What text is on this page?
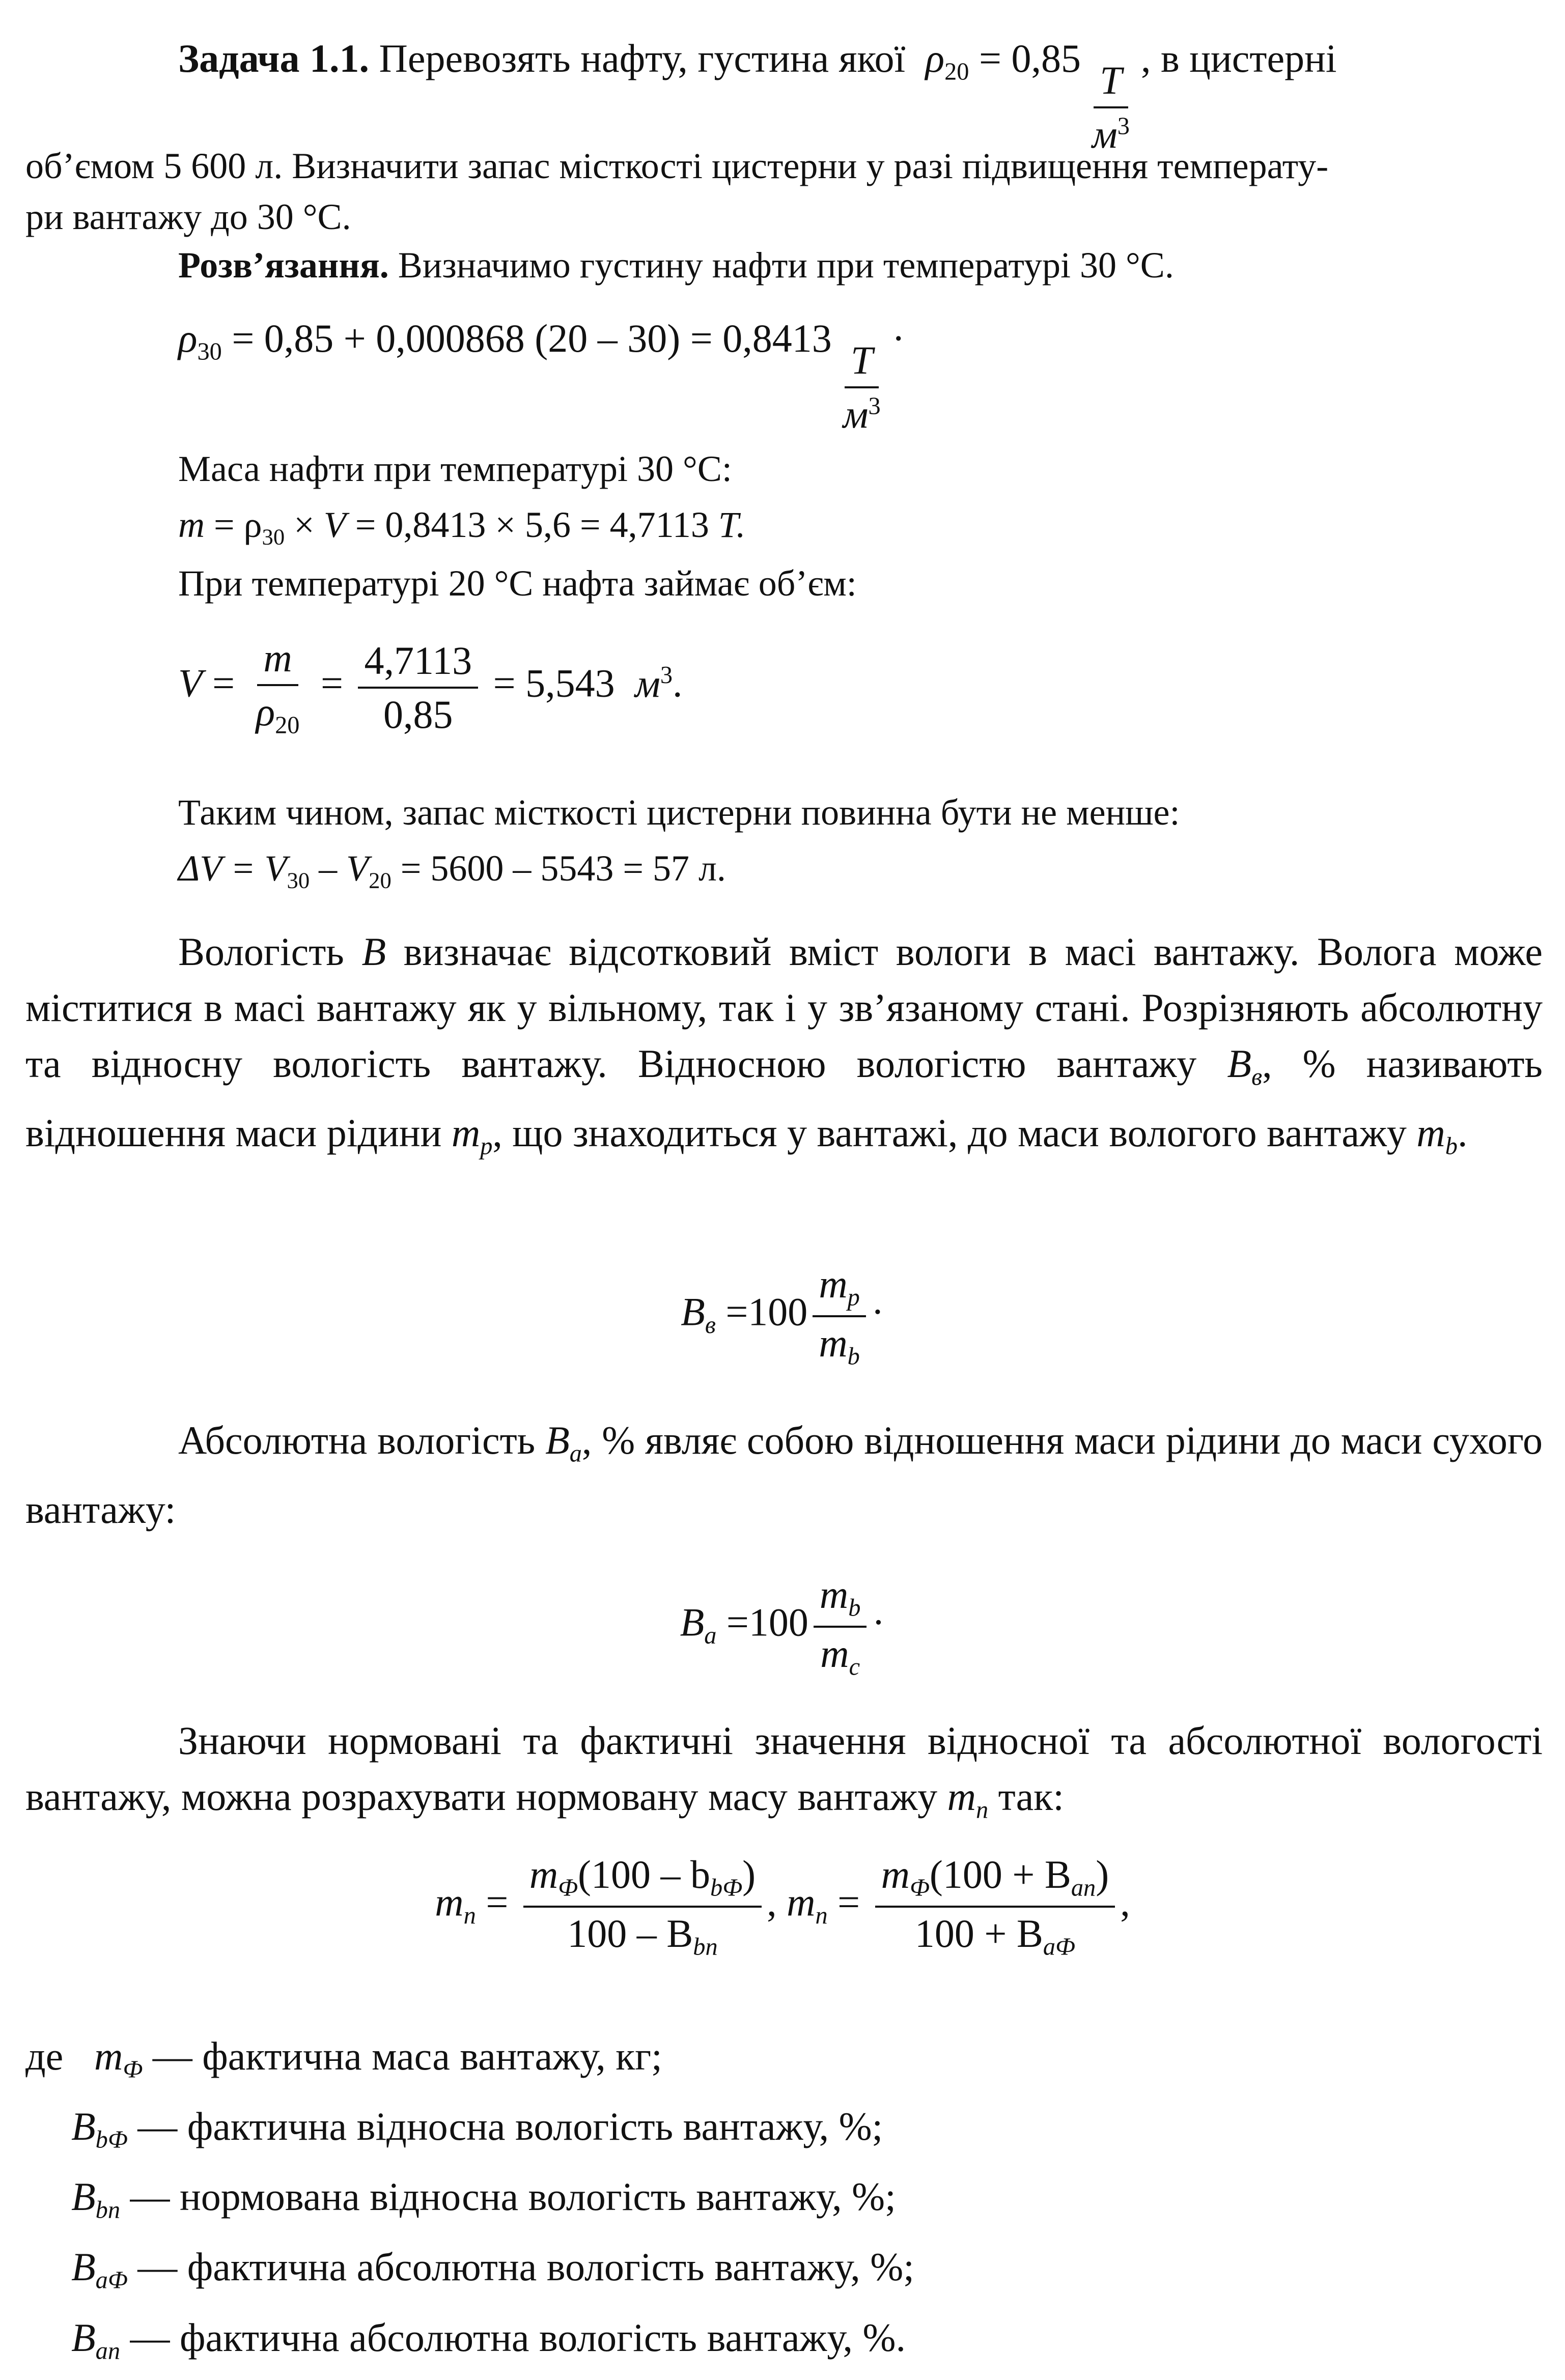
Задача 1.1. Перевозять нафту, густина якої $\rho_{20} = 0,85$
$\frac{Т}{м^3}$
, в цистерні
об’ємом 5 600 л. Визначити запас місткості цистерни у разі підвищення температу-
ри вантажу до 30 °С.
Розв’язання. Визначимо густину нафти при температурі 30 °С.
$\rho_{30} = 0,85 + 0,000868$ (20 – 30) = 0,8413
$\frac{Т}{м^3}$
·
Маса нафти при температурі 30 °С:
$m = \rho_{30} \times V = 0,8413 \times 5,6 = 4,7113$ Т.
При температурі 20 °С нафта займає об’єм:
$V = \frac{m}{\rho_{20}} = \frac{4,7113}{0,85} = 5,543$ $м^3$.
Таким чином, запас місткості цистерни повинна бути не менше:
$\Delta V = V_{30} - V_{20} = 5600 - 5543 = 57$ л.
Вологість B визначає відсотковий вміст вологи в масі вантажу. Волога може міститися в масі вантажу як у вільному, так і у зв’язаному стані. Розрізняють абсолютну та відносну вологість вантажу. Відносною вологістю вантажу $B_в$, % називають відношення маси рідини $m_p$, що знаходиться у вантажі, до маси вологого вантажу $m_b$.
$B_в =100 \frac{m_p}{m_b}$ ·
Абсолютна вологість $B_a$, % являє собою відношення маси рідини до маси сухого вантажу:
$B_a =100 \frac{m_b}{m_c}$ ·
Знаючи нормовані та фактичні значення відносної та абсолютної вологості вантажу, можна розрахувати нормовану масу вантажу $m_n$ так:
$m_n = \frac{m_Ф(100 - b_{bФ})}{100 - B_{bn}}$ , $m_n = \frac{m_Ф(100 + B_{an})}{100 + B_{aФ}}$ ,
де $m_Ф$ — фактична маса вантажу, кг;
$B_{bФ}$ — фактична відносна вологість вантажу, %;
$B_{bn}$ — нормована відносна вологість вантажу, %;
$B_{aФ}$ — фактична абсолютна вологість вантажу, %;
$B_{an}$ — фактична абсолютна вологість вантажу, %.
